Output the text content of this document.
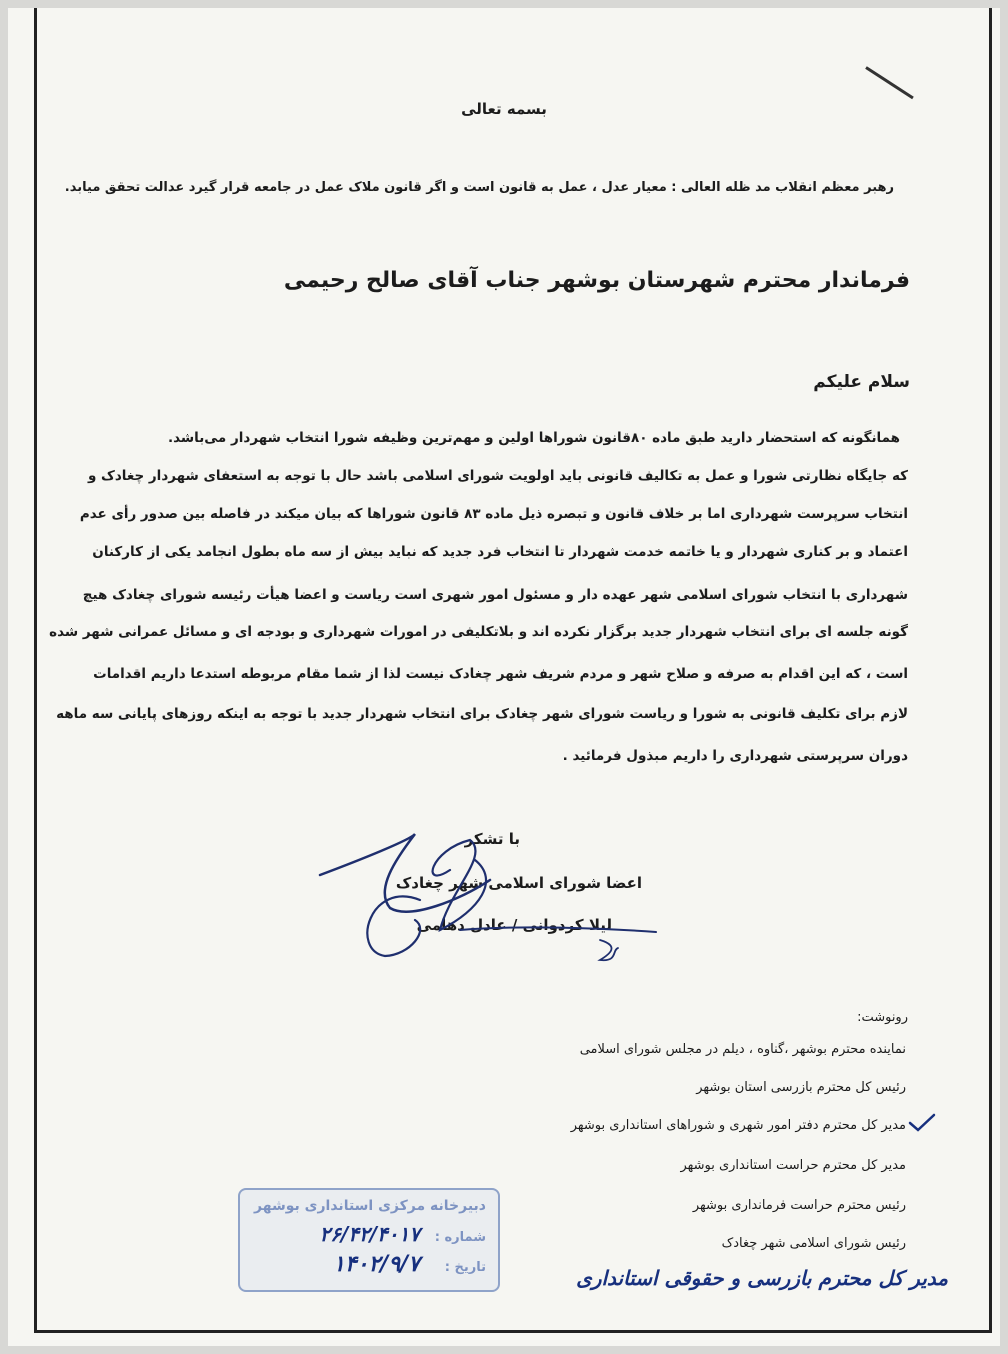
بسمه تعالی
رهبر معظم انقلاب مد ظله العالی : معیار عدل ، عمل به قانون است و اگر قانون ملاک عمل در جامعه قرار گیرد عدالت تحقق میابد.
فرماندار محترم شهرستان بوشهر جناب آقای صالح رحیمی
سلام علیکم
همانگونه که استحضار دارید طبق ماده ۸۰قانون شوراها اولین و مهم‌ترین وظیفه شورا انتخاب شهردار می‌باشد.
که جایگاه نظارتی شورا و عمل به تکالیف قانونی باید اولویت شورای اسلامی باشد حال با توجه به استعفای شهردار چغادک و
انتخاب سرپرست شهرداری اما بر خلاف قانون و تبصره ذیل ماده ۸۳ قانون شوراها که بیان میکند در فاصله بین صدور رأی عدم
اعتماد و بر کناری شهردار و یا خاتمه خدمت شهردار تا انتخاب فرد جدید که نباید بیش از سه ماه بطول انجامد یکی از کارکنان
شهرداری با انتخاب شورای اسلامی شهر عهده دار و مسئول امور شهری است ریاست و اعضا هیأت رئیسه شورای چغادک هیچ
گونه جلسه ای برای انتخاب شهردار جدید برگزار نکرده اند و بلاتکلیفی در امورات شهرداری و بودجه ای و مسائل عمرانی شهر شده
است ، که این اقدام به صرفه و صلاح شهر و مردم شریف شهر چغادک نیست لذا از شما مقام مربوطه استدعا داریم اقدامات
لازم برای تکلیف قانونی به شورا و ریاست شورای شهر چغادک برای انتخاب شهردار جدید با توجه به اینکه روزهای پایانی سه ماهه
دوران سرپرستی شهرداری را داریم مبذول فرمائید .
با تشکر
اعضا شورای اسلامی شهر چغادک
لیلا کردوانی / عادل دهامی
رونوشت:
نماینده محترم بوشهر ،گناوه ، دیلم در مجلس شورای اسلامی
رئیس کل محترم بازرسی استان بوشهر
مدیر کل محترم دفتر امور شهری و شوراهای استانداری بوشهر
مدیر کل محترم حراست استانداری بوشهر
رئیس محترم حراست فرمانداری بوشهر
رئیس شورای اسلامی شهر چغادک
مدیر کل محترم بازرسی و حقوقی استانداری
دبیرخانه مرکزی استانداری بوشهر
شماره :
۲۶/۴۲/۴۰۱۷
تاریخ :
۱۴۰۲/۹/۷
